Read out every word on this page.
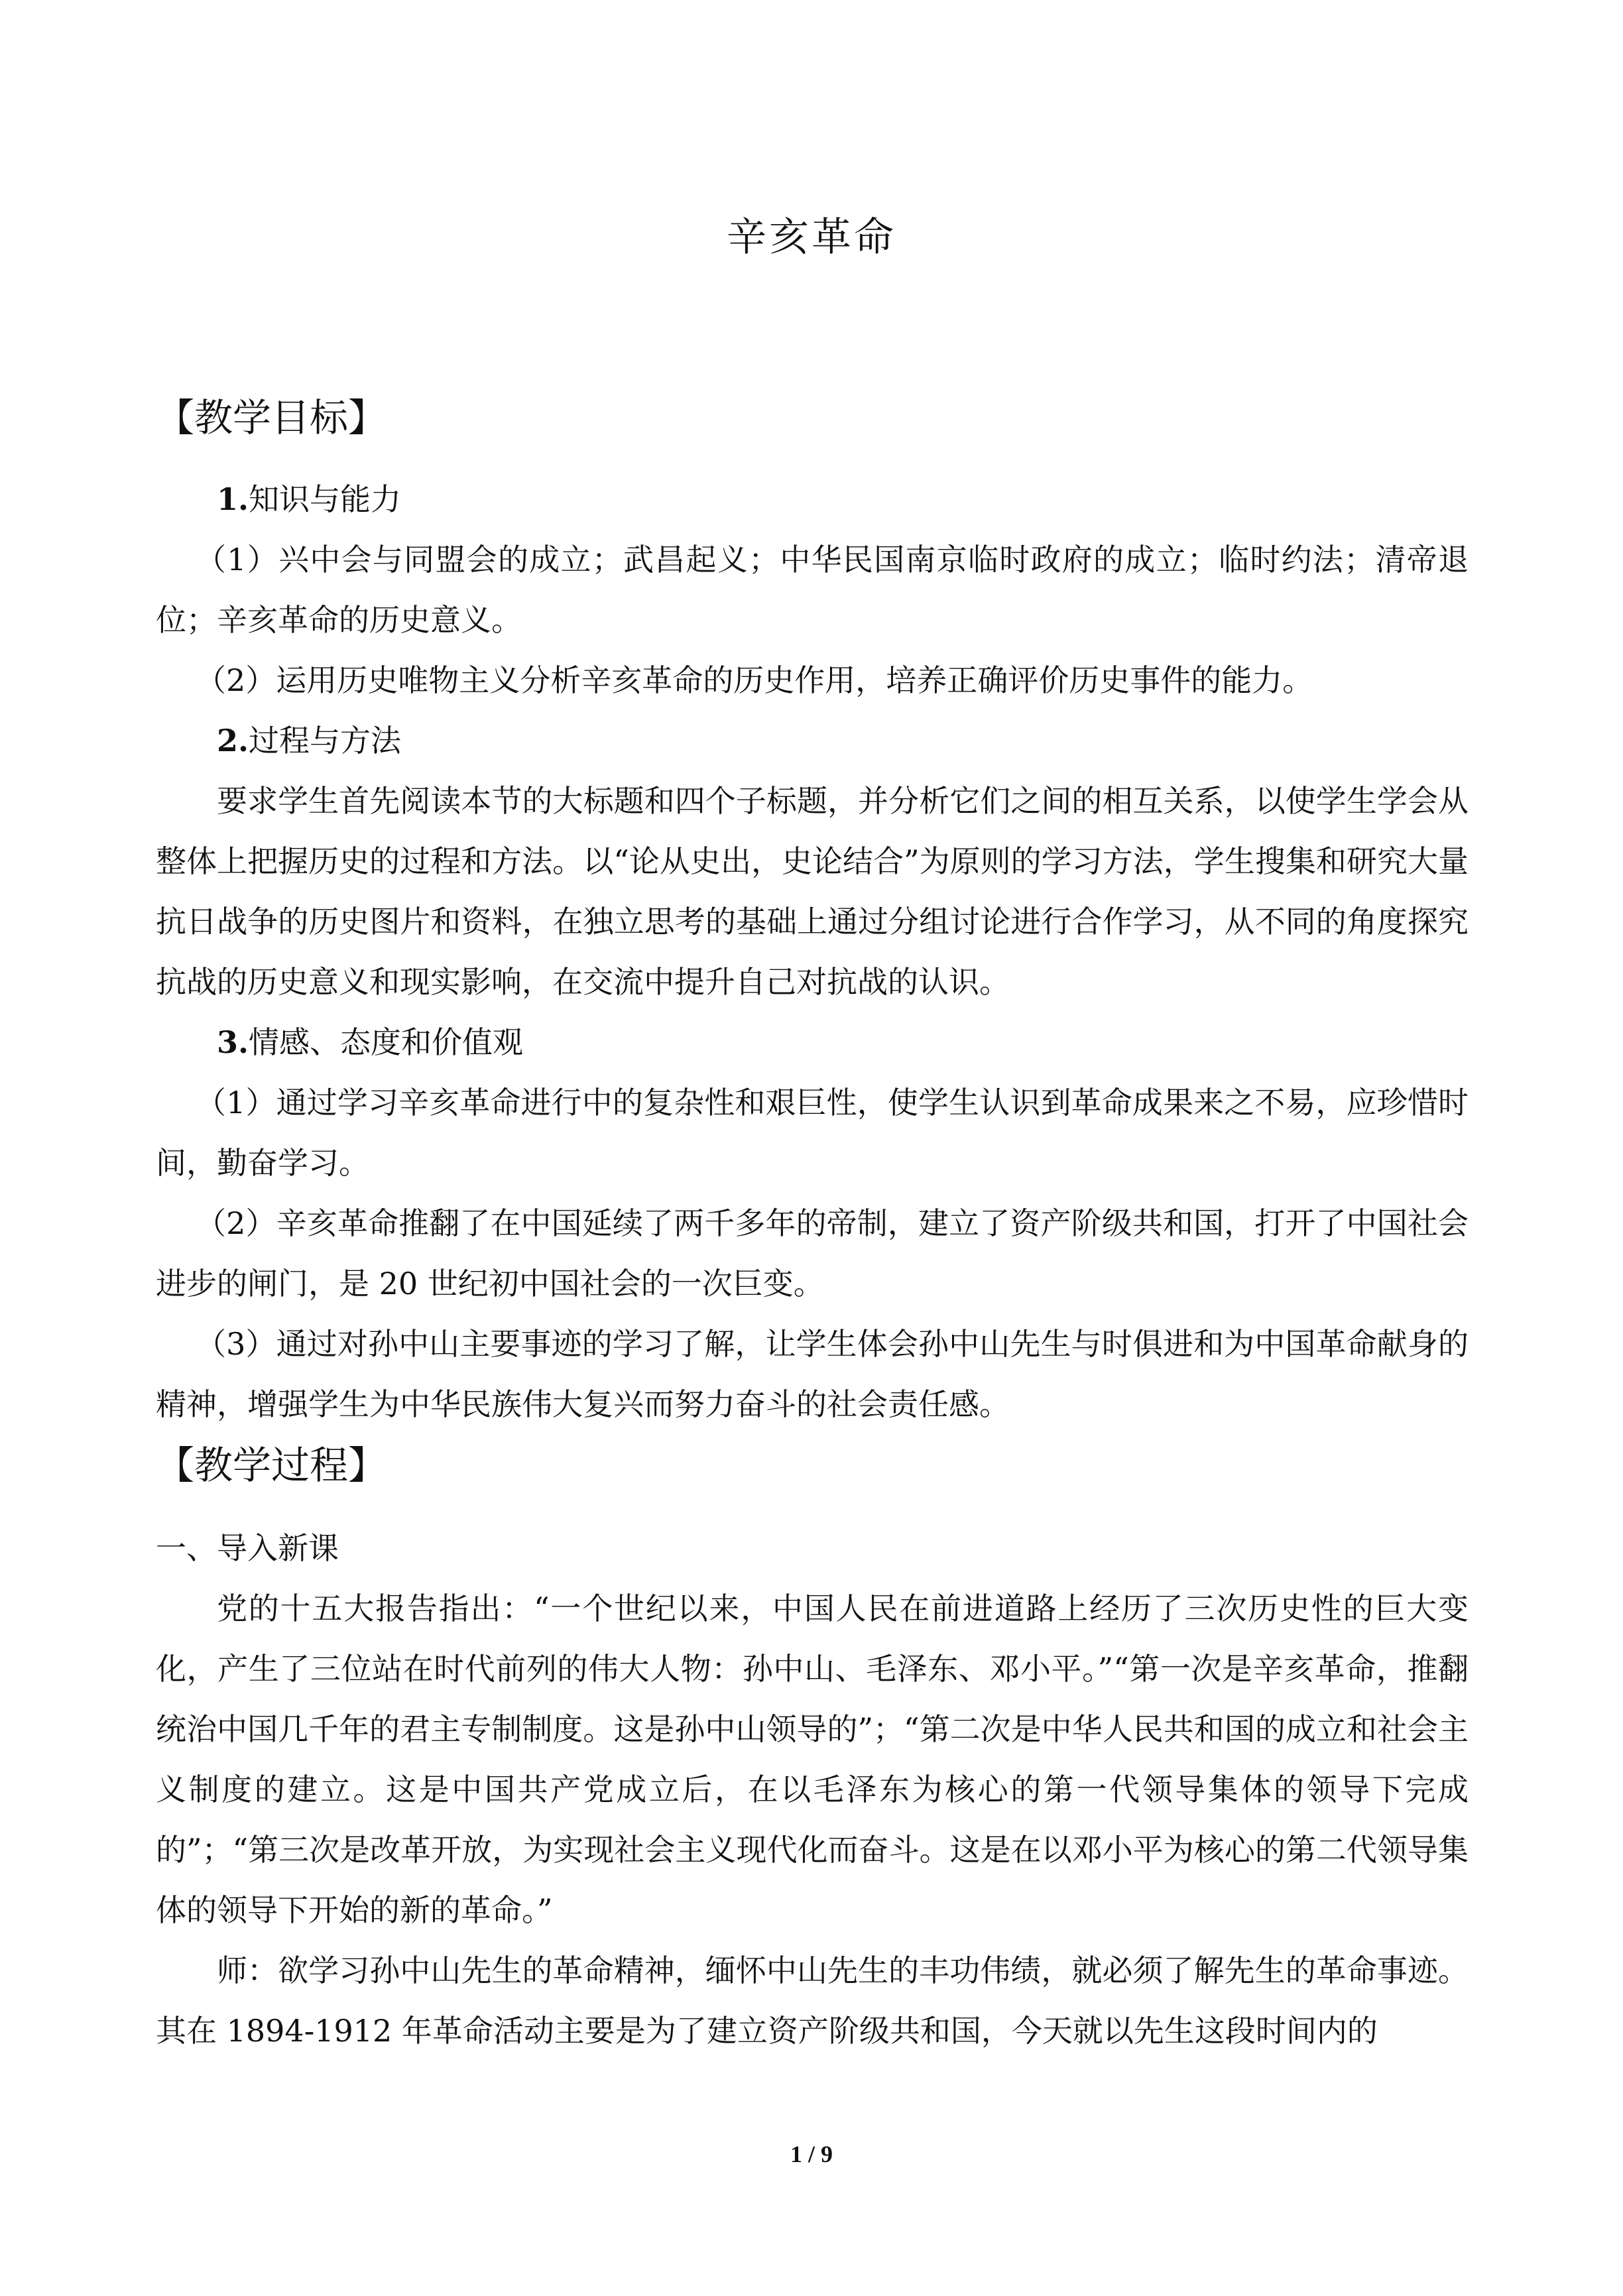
辛亥革命
【教学目标】

1.知识与能力

（1）兴中会与同盟会的成立；武昌起义；中华民国南京临时政府的成立；临时约法；清帝退位；辛亥革命的历史意义。

（2）运用历史唯物主义分析辛亥革命的历史作用，培养正确评价历史事件的能力。

2.过程与方法

要求学生首先阅读本节的大标题和四个子标题，并分析它们之间的相互关系，以使学生学会从整体上把握历史的过程和方法。以“论从史出，史论结合”为原则的学习方法，学生搜集和研究大量抗日战争的历史图片和资料，在独立思考的基础上通过分组讨论进行合作学习，从不同的角度探究抗战的历史意义和现实影响，在交流中提升自己对抗战的认识。

3.情感、态度和价值观

（1）通过学习辛亥革命进行中的复杂性和艰巨性，使学生认识到革命成果来之不易，应珍惜时间，勤奋学习。

（2）辛亥革命推翻了在中国延续了两千多年的帝制，建立了资产阶级共和国，打开了中国社会进步的闸门，是 20 世纪初中国社会的一次巨变。

（3）通过对孙中山主要事迹的学习了解，让学生体会孙中山先生与时俱进和为中国革命献身的精神，增强学生为中华民族伟大复兴而努力奋斗的社会责任感。

【教学过程】

一、导入新课

党的十五大报告指出：“一个世纪以来，中国人民在前进道路上经历了三次历史性的巨大变化，产生了三位站在时代前列的伟大人物：孙中山、毛泽东、邓小平。”“第一次是辛亥革命，推翻统治中国几千年的君主专制制度。这是孙中山领导的”；“第二次是中华人民共和国的成立和社会主义制度的建立。这是中国共产党成立后，在以毛泽东为核心的第一代领导集体的领导下完成的”；“第三次是改革开放，为实现社会主义现代化而奋斗。这是在以邓小平为核心的第二代领导集体的领导下开始的新的革命。”

师：欲学习孙中山先生的革命精神，缅怀中山先生的丰功伟绩，就必须了解先生的革命事迹。其在 1894-1912 年革命活动主要是为了建立资产阶级共和国，今天就以先生这段时间内的

1 / 9
